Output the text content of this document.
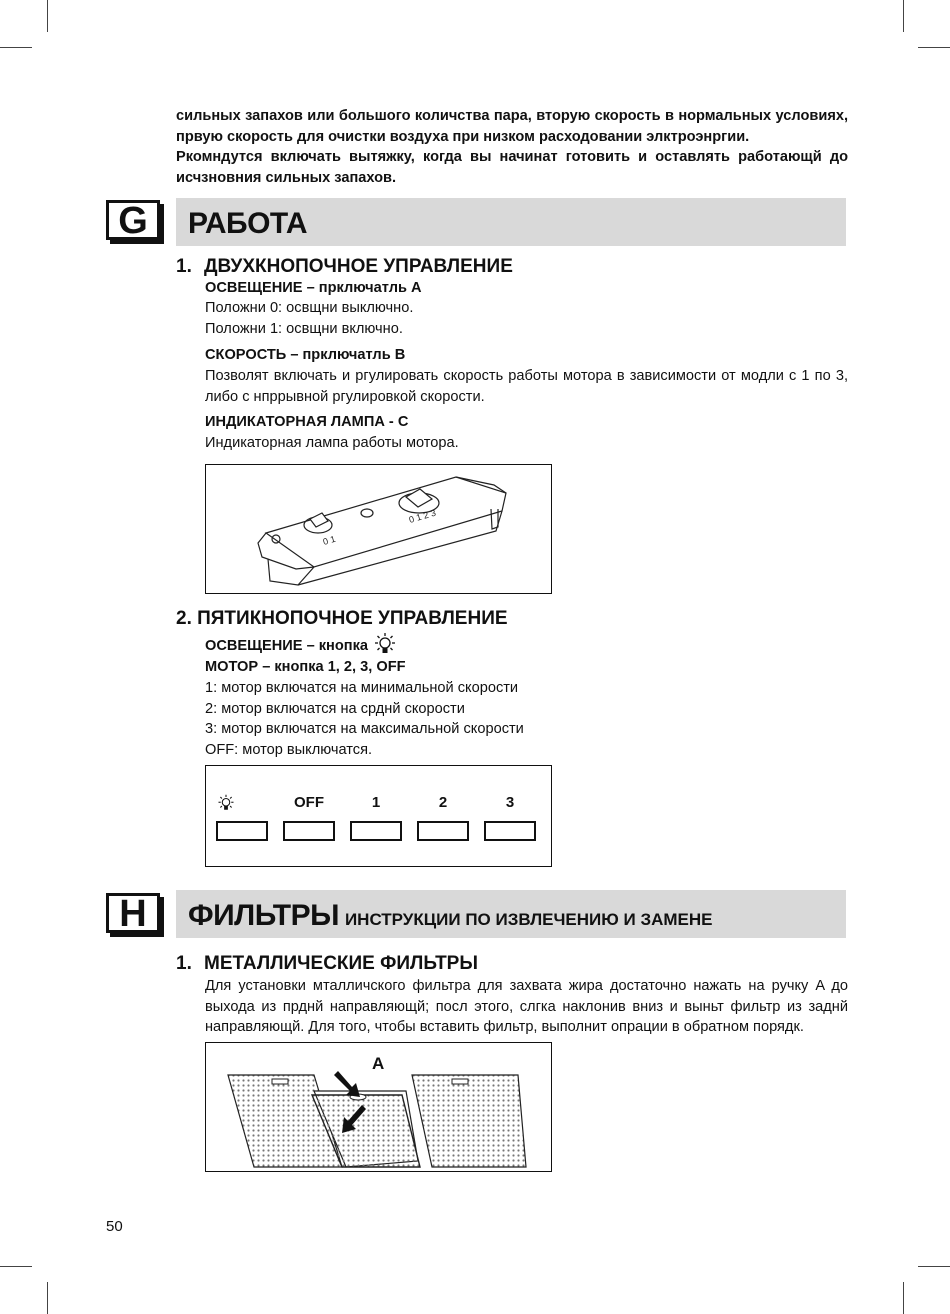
сильных запахов или большого количства пара, вторую скорость в нормальных условиях, првую скорость для очистки воздуха при низком расходовании элктроэнргии.

Ркомндутся включать вытяжку, когда вы начинат готовить и оставлять работающй до исчзновния сильных запахов.

G	РАБОТА
1. ДВУХКНОПОЧНОЕ УПРАВЛЕНИЕ
ОСВЕЩЕНИЕ – прключатль A

Положни 0: освщни выключно.

Положни 1: освщни включно.

СКОРОСТЬ – прключатль B
Позволят включать и ргулировать скорость работы мотора в зависимости от модли с 1 по 3, либо с нпррывной ргулировкой скорости.
ИНДИКАТОРНАЯ ЛАМПА - C
Индикаторная лампа работы мотора.
0 1
0 1 2 3
2. ПЯТИКНОПОЧНОЕ УПРАВЛЕНИЕ
ОСВЕЩЕНИЕ – кнопка
МОТОР – кнопка 1, 2, 3, OFF

1: мотор включатся на минимальной скорости

2: мотор включатся на срднй скорости

3: мотор включатся на максимальной скорости

OFF: мотор выключатся.

OFF	1	2	3
H	ФИЛЬТРЫ ИНСТРУКЦИИ ПО ИЗВЛЕЧЕНИЮ И ЗАМЕНЕ
1. МЕТАЛЛИЧЕСКИЕ ФИЛЬТРЫ
Для установки мталличского фильтра для захвата жира достаточно нажать на ручку A до выхода из прднй направляющй; посл этого, слгка наклонив вниз и выньт фильтр из заднй направляющй. Для того, чтобы вставить фильтр, выполнит опрации в обратном порядк.
A
50
